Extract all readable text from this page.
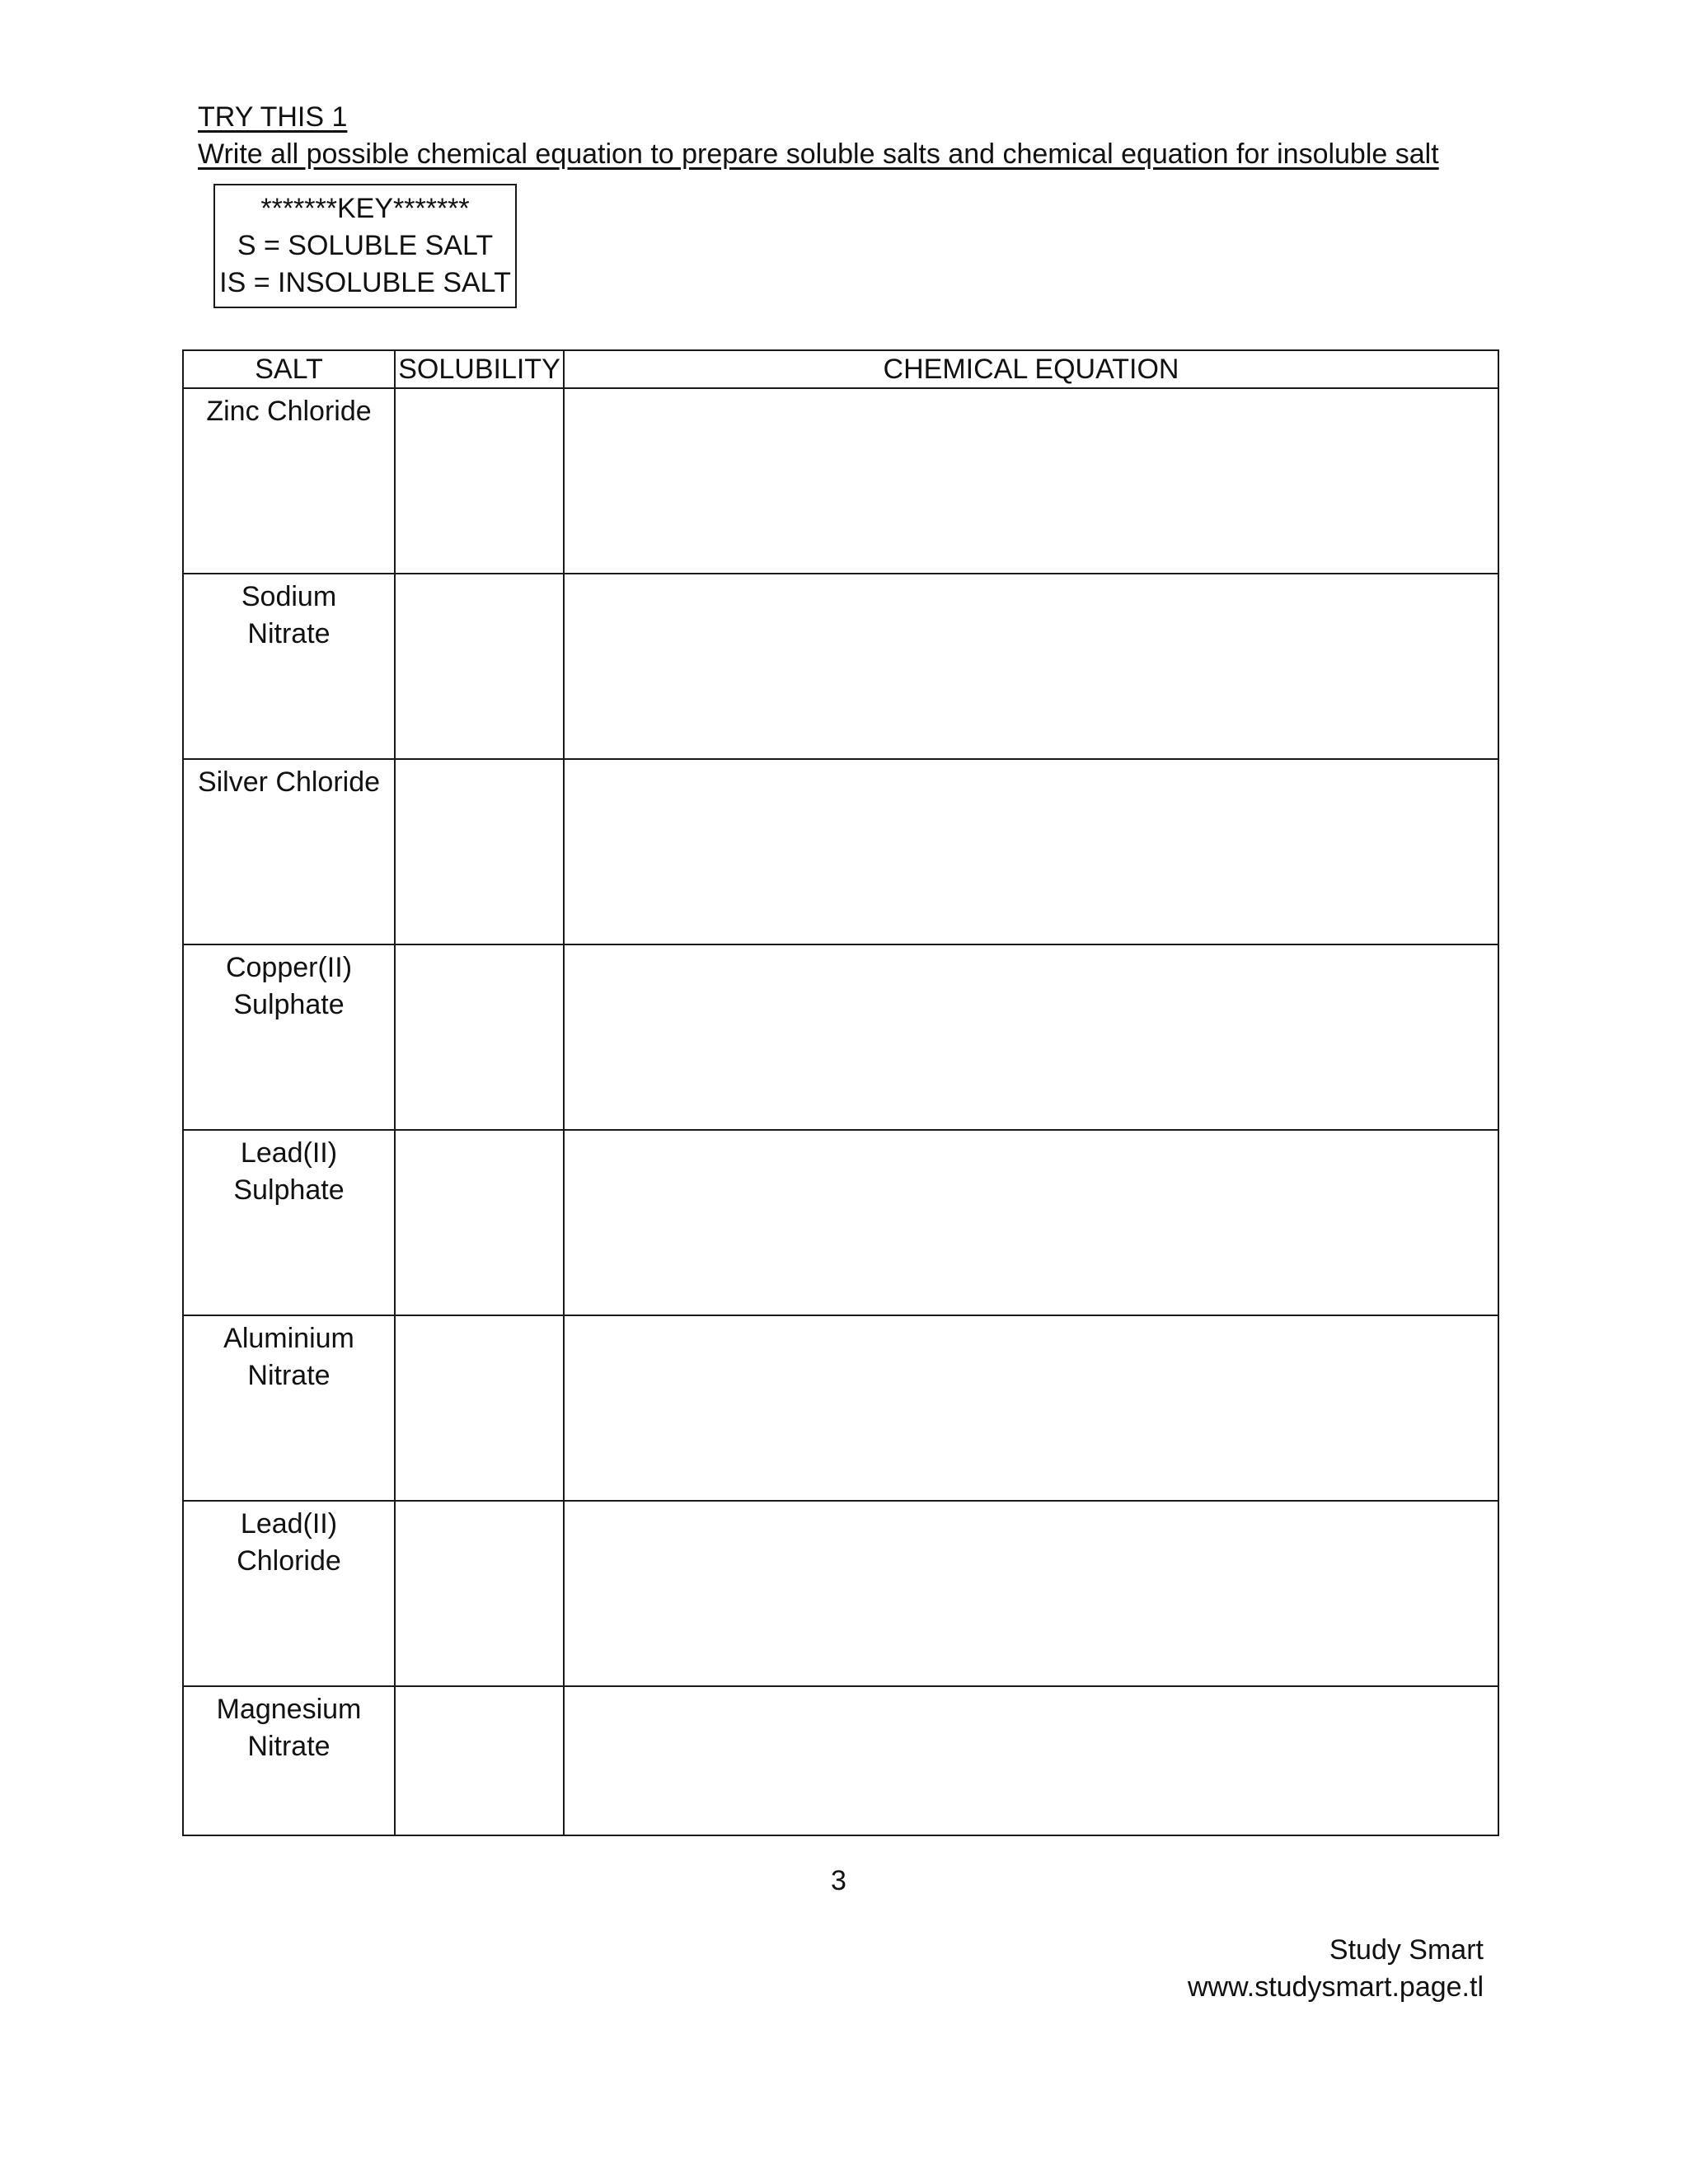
TRY THIS 1
Write all possible chemical equation to prepare soluble salts and chemical equation for insoluble salt
*******KEY*******
S = SOLUBLE SALT
IS = INSOLUBLE SALT
SALT	SOLUBILITY	CHEMICAL EQUATION

Zinc Chloride		

Sodium
Nitrate		

Silver Chloride		

Copper(II)
Sulphate		

Lead(II)
Sulphate		

Aluminium
Nitrate		

Lead(II)
Chloride		

Magnesium
Nitrate		

3
Study Smart
www.studysmart.page.tl
